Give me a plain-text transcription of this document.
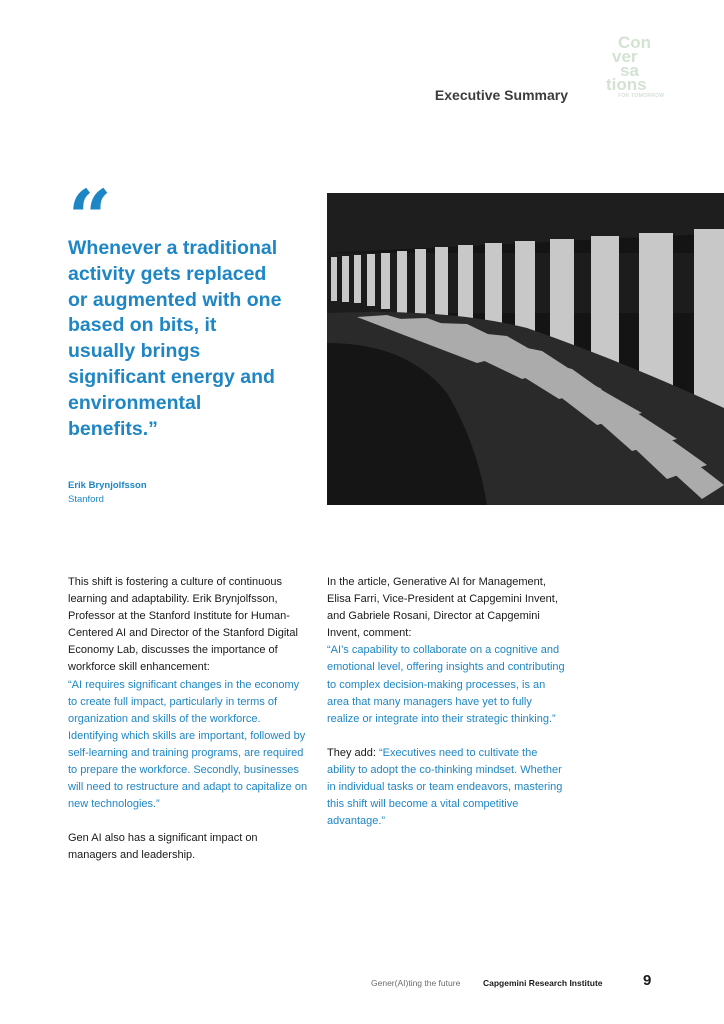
Executive Summary
Con
ver
sa
tions
FOR TOMORROW
“
Whenever a traditional activity gets replaced or augmented with one based on bits, it usually brings significant energy and environmental benefits.”
Erik Brynjolfsson
Stanford

This shift is fostering a culture of continuous learning and adaptability. Erik Brynjolfsson, Professor at the Stanford Institute for Human-Centered AI and Director of the Stanford Digital Economy Lab, discusses the importance of workforce skill enhancement:

“AI requires significant changes in the economy to create full impact, particularly in terms of organization and skills of the workforce. Identifying which skills are important, followed by self-learning and training programs, are required to prepare the workforce. Secondly, businesses will need to restructure and adapt to capitalize on new technologies.”

Gen AI also has a significant impact on managers and leadership.

In the article, Generative AI for Management, Elisa Farri, Vice-President at Capgemini Invent, and Gabriele Rosani, Director at Capgemini Invent, comment:

“AI’s capability to collaborate on a cognitive and emotional level, offering insights and contributing to complex decision-making processes, is an area that many managers have yet to fully realize or integrate into their strategic thinking.”

They add: “Executives need to cultivate the ability to adopt the co-thinking mindset. Whether in individual tasks or team endeavors, mastering this shift will become a vital competitive advantage.”

Gener(AI)ting the future	Capgemini Research Institute	9
